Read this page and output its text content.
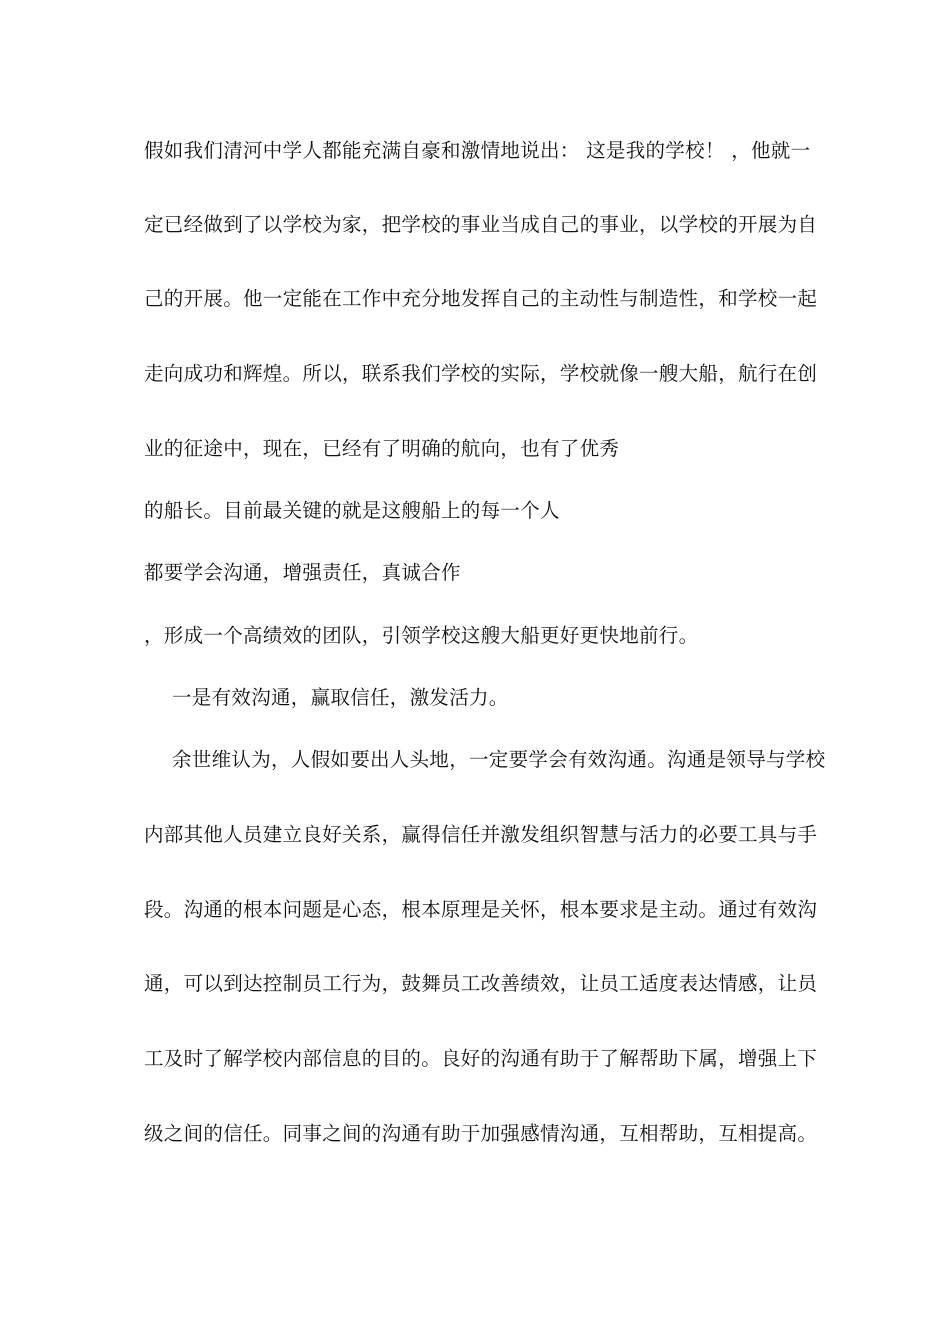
假如我们清河中学人都能充满自豪和激情地说出： 这是我的学校！ ，他就一
定已经做到了以学校为家，把学校的事业当成自己的事业，以学校的开展为自
己的开展。他一定能在工作中充分地发挥自己的主动性与制造性，和学校一起
走向成功和辉煌。所以，联系我们学校的实际，学校就像一艘大船，航行在创
业的征途中，现在，已经有了明确的航向，也有了优秀
的船长。目前最关键的就是这艘船上的每一个人
都要学会沟通，增强责任，真诚合作
，形成一个高绩效的团队，引领学校这艘大船更好更快地前行。
一是有效沟通，赢取信任，激发活力。
余世维认为，人假如要出人头地，一定要学会有效沟通。沟通是领导与学校
内部其他人员建立良好关系，赢得信任并激发组织智慧与活力的必要工具与手
段。沟通的根本问题是心态，根本原理是关怀，根本要求是主动。通过有效沟
通，可以到达控制员工行为，鼓舞员工改善绩效，让员工适度表达情感，让员
工及时了解学校内部信息的目的。良好的沟通有助于了解帮助下属，增强上下
级之间的信任。同事之间的沟通有助于加强感情沟通，互相帮助，互相提高。
